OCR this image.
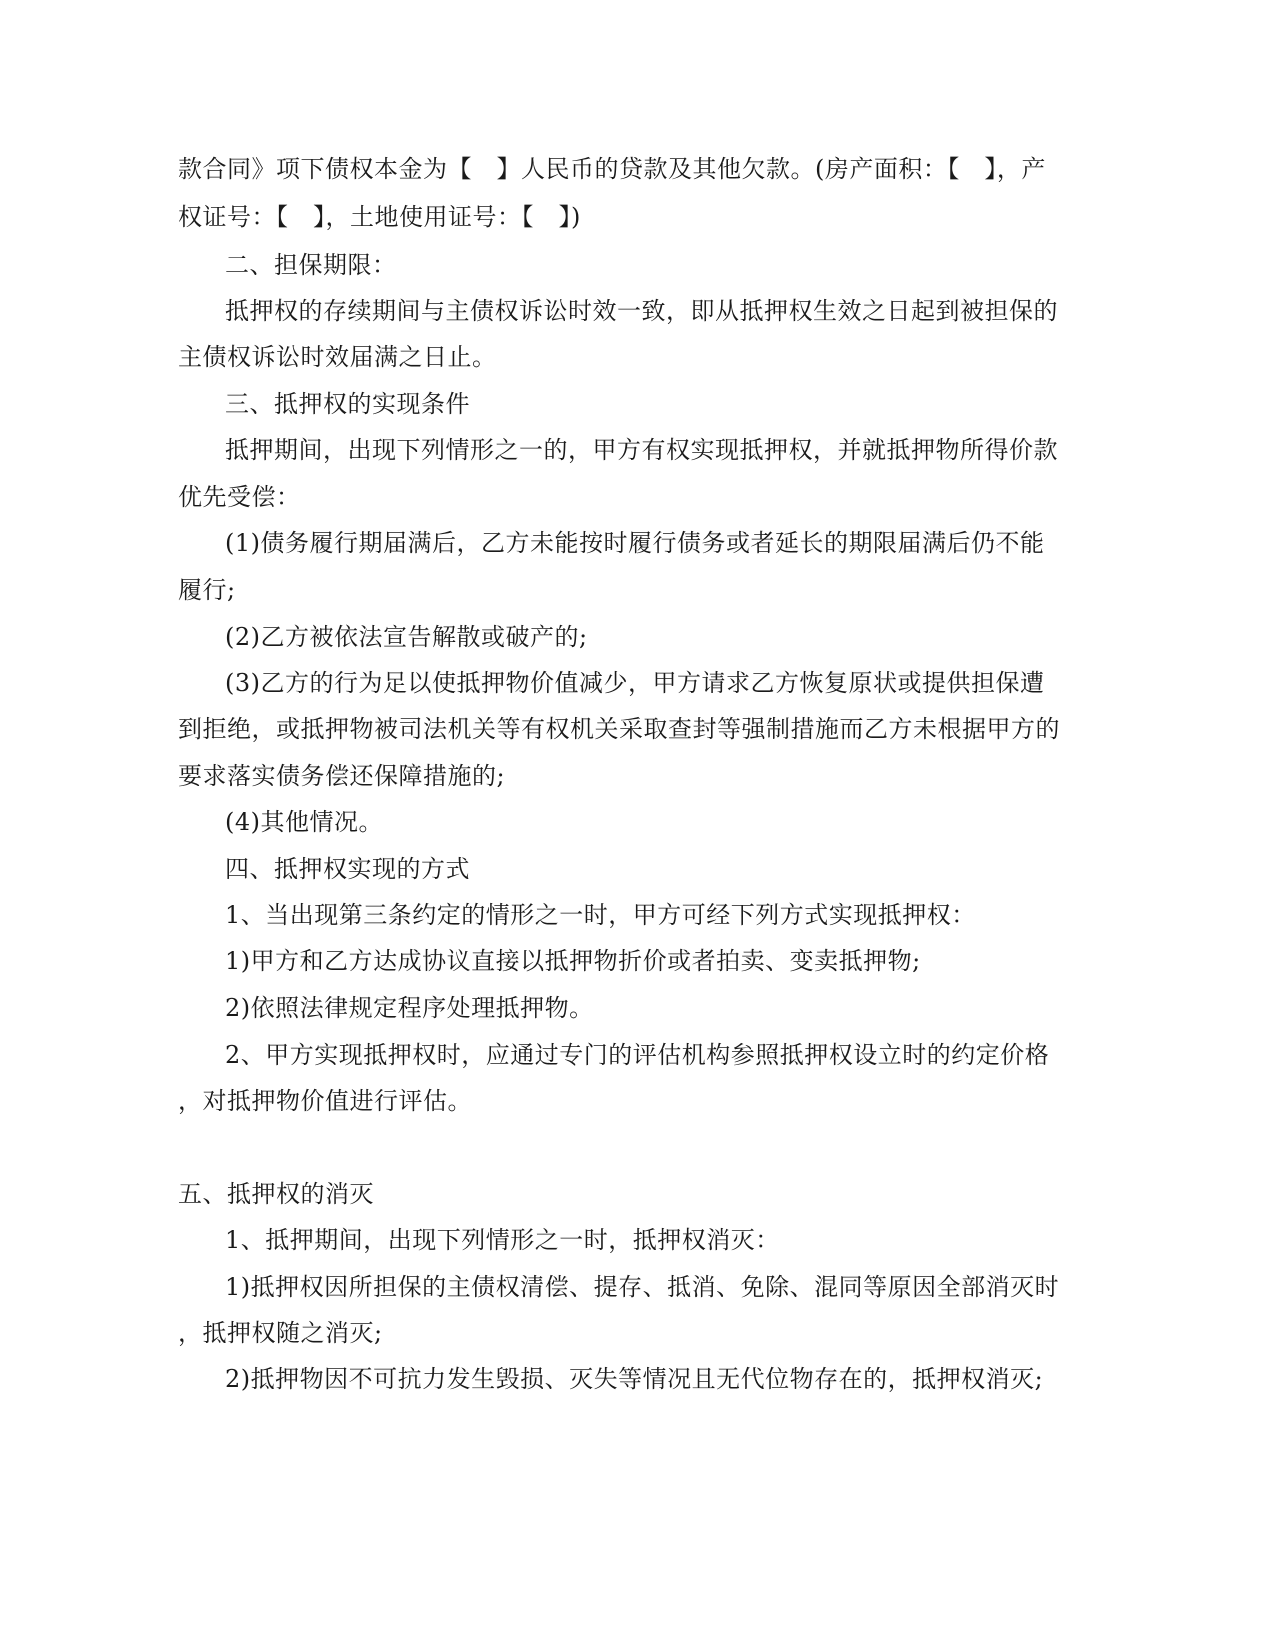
款合同》项下债权本金为【　】人民币的贷款及其他欠款。(房产面积：【　】，产

权证号：【　】，土地使用证号：【　】)

二、担保期限：

抵押权的存续期间与主债权诉讼时效一致，即从抵押权生效之日起到被担保的

主债权诉讼时效届满之日止。

三、抵押权的实现条件

抵押期间，出现下列情形之一的，甲方有权实现抵押权，并就抵押物所得价款

优先受偿：

(1)债务履行期届满后，乙方未能按时履行债务或者延长的期限届满后仍不能

履行;

(2)乙方被依法宣告解散或破产的;

(3)乙方的行为足以使抵押物价值减少，甲方请求乙方恢复原状或提供担保遭

到拒绝，或抵押物被司法机关等有权机关采取查封等强制措施而乙方未根据甲方的

要求落实债务偿还保障措施的;

(4)其他情况。

四、抵押权实现的方式

1、当出现第三条约定的情形之一时，甲方可经下列方式实现抵押权：

1)甲方和乙方达成协议直接以抵押物折价或者拍卖、变卖抵押物;

2)依照法律规定程序处理抵押物。

2、甲方实现抵押权时，应通过专门的评估机构参照抵押权设立时的约定价格

，对抵押物价值进行评估。

五、抵押权的消灭

1、抵押期间，出现下列情形之一时，抵押权消灭：

1)抵押权因所担保的主债权清偿、提存、抵消、免除、混同等原因全部消灭时

，抵押权随之消灭;

2)抵押物因不可抗力发生毁损、灭失等情况且无代位物存在的，抵押权消灭;
